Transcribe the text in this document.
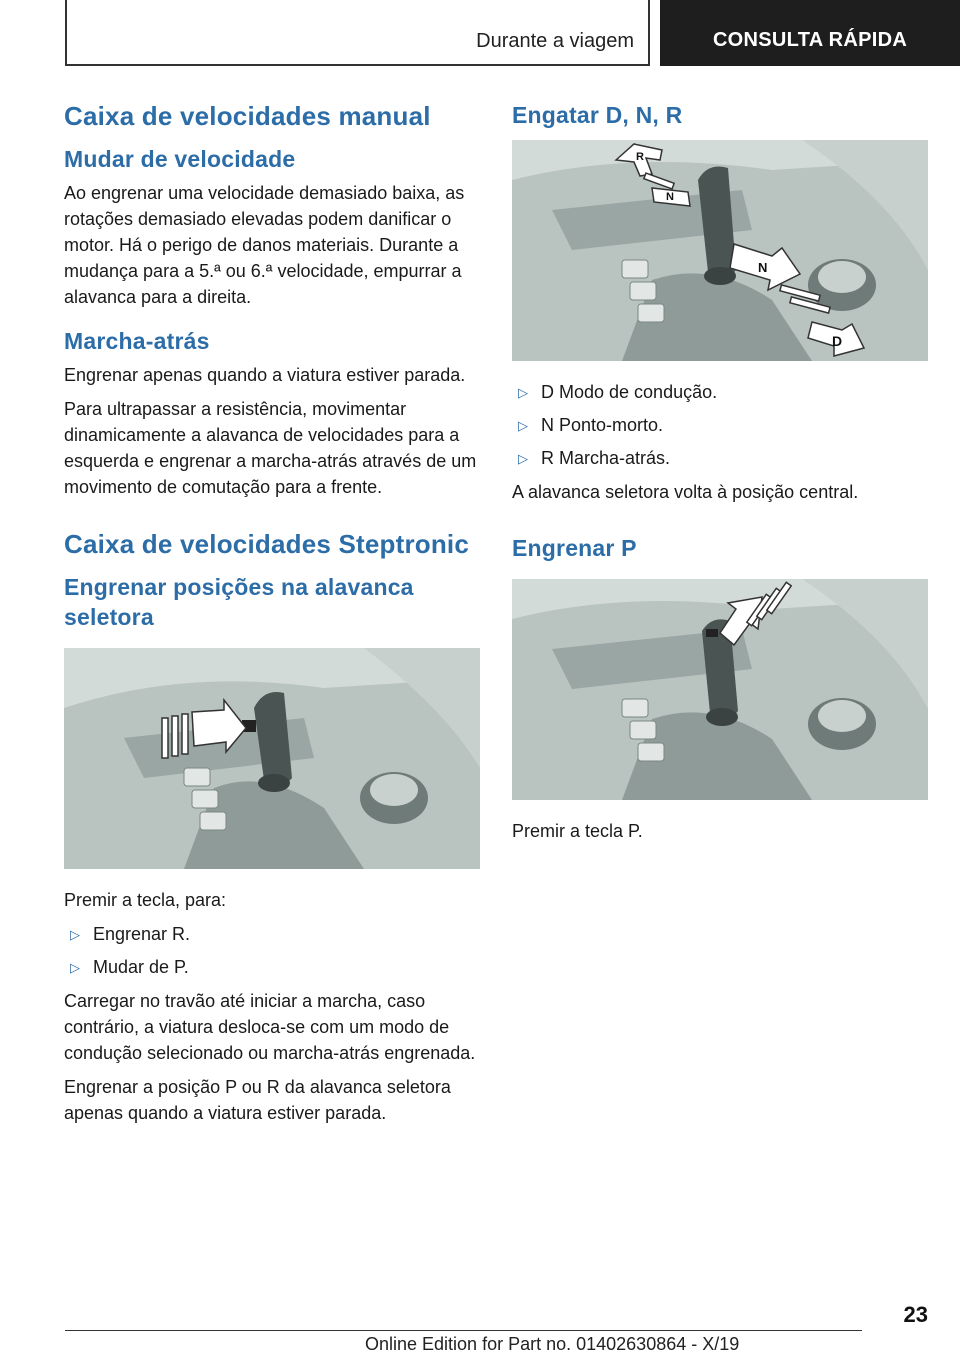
Durante a viagem	CONSULTA RÁPIDA
Caixa de velocidades manual
Mudar de velocidade

Ao engrenar uma velocidade demasiado baixa, as rotações demasiado elevadas podem danificar o motor. Há o perigo de danos materiais. Durante a mudança para a 5.ª ou 6.ª velocidade, empurrar a alavanca para a direita.

Marcha-atrás

Engrenar apenas quando a viatura estiver parada.

Para ultrapassar a resistência, movimentar dinamicamente a alavanca de velocidades para a esquerda e engrenar a marcha-atrás através de um movimento de comutação para a frente.

Caixa de velocidades Steptronic
Engrenar posições na alavanca seletora

Premir a tecla, para:

▷ Engrenar R.
▷ Mudar de P.

Carregar no travão até iniciar a marcha, caso contrário, a viatura desloca-se com um modo de condução selecionado ou marcha-atrás engrenada.

Engrenar a posição P ou R da alavanca seletora apenas quando a viatura estiver parada.

Engatar D, N, R
R
N
N
D
▷ D Modo de condução.
▷ N Ponto-morto.
▷ R Marcha-atrás.

A alavanca seletora volta à posição central.

Engrenar P

Premir a tecla P.

23
Online Edition for Part no. 01402630864 - X/19
